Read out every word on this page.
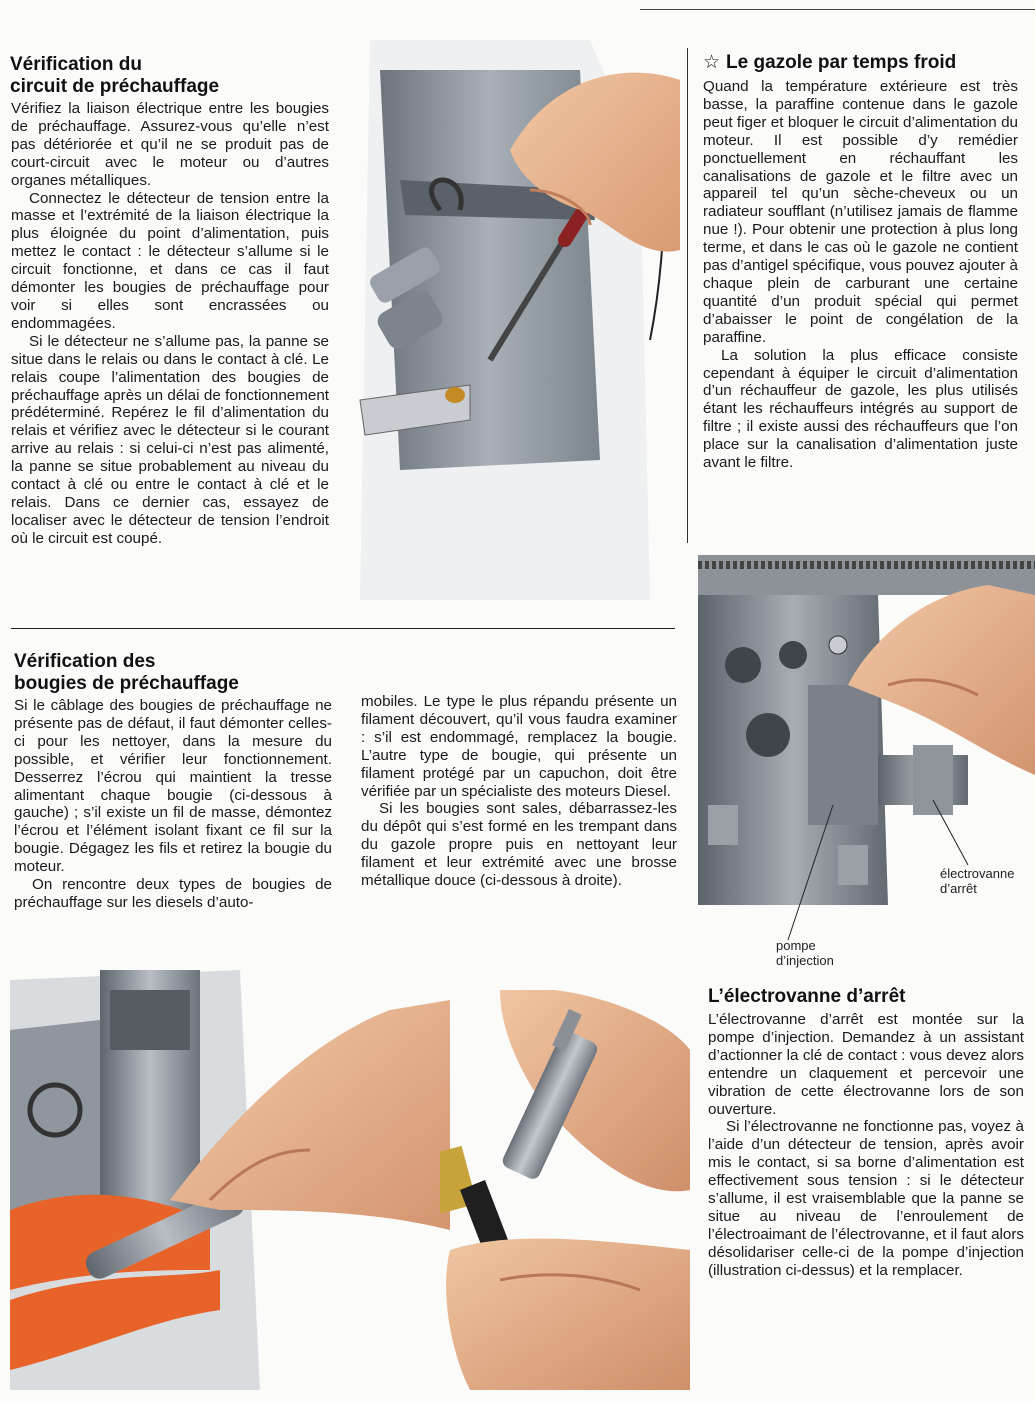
Vérification du
circuit de préchauffage

Vérifiez la liaison électrique entre les bougies de préchauffage. Assurez-vous qu’elle n’est pas détériorée et qu’il ne se produit pas de court-circuit avec le moteur ou d’autres organes métalliques.

Connectez le détecteur de tension entre la masse et l’extrémité de la liaison électrique la plus éloignée du point d’alimentation, puis mettez le contact : le détecteur s’allume si le circuit fonctionne, et dans ce cas il faut démonter les bougies de préchauffage pour voir si elles sont encrassées ou endommagées.

Si le détecteur ne s’allume pas, la panne se situe dans le relais ou dans le contact à clé. Le relais coupe l’alimentation des bougies de préchauffage après un délai de fonctionnement prédéterminé. Repérez le fil d’alimentation du relais et vérifiez avec le détecteur si le courant arrive au relais : si celui-ci n’est pas alimenté, la panne se situe probablement au niveau du contact à clé ou entre le contact à clé et le relais. Dans ce dernier cas, essayez de localiser avec le détecteur de tension l’endroit où le circuit est coupé.

Vérification des
bougies de préchauffage

Si le câblage des bougies de préchauffage ne présente pas de défaut, il faut démonter celles-ci pour les nettoyer, dans la mesure du possible, et vérifier leur fonctionnement. Desserrez l’écrou qui maintient la tresse alimentant chaque bougie (ci-dessous à gauche) ; s’il existe un fil de masse, démontez l’écrou et l’élément isolant fixant ce fil sur la bougie. Dégagez les fils et retirez la bougie du moteur.

On rencontre deux types de bougies de préchauffage sur les diesels d’auto-

mobiles. Le type le plus répandu présente un filament découvert, qu’il vous faudra examiner : s’il est endommagé, remplacez la bougie. L’autre type de bougie, qui présente un filament protégé par un capuchon, doit être vérifiée par un spécialiste des moteurs Diesel.

Si les bougies sont sales, débarrassez-les du dépôt qui s’est formé en les trempant dans du gazole propre puis en nettoyant leur filament et leur extrémité avec une brosse métallique douce (ci-dessous à droite).

☆ Le gazole par temps froid

Quand la température extérieure est très basse, la paraffine contenue dans le gazole peut figer et bloquer le circuit d’alimentation du moteur. Il est possible d’y remédier ponctuellement en réchauffant les canalisations de gazole et le filtre avec un appareil tel qu’un sèche-cheveux ou un radiateur soufflant (n’utilisez jamais de flamme nue !). Pour obtenir une protection à plus long terme, et dans le cas où le gazole ne contient pas d’antigel spécifique, vous pouvez ajouter à chaque plein de carburant une certaine quantité d’un produit spécial qui permet d’abaisser le point de congélation de la paraffine.

La solution la plus efficace consiste cependant à équiper le circuit d’alimentation d’un réchauffeur de gazole, les plus utilisés étant les réchauffeurs intégrés au support de filtre ; il existe aussi des réchauffeurs que l’on place sur la canalisation d’alimentation juste avant le filtre.

électrovanne d’arrêt
pompe d’injection
L’électrovanne d’arrêt

L’électrovanne d’arrêt est montée sur la pompe d’injection. Demandez à un assistant d’actionner la clé de contact : vous devez alors entendre un claquement et percevoir une vibration de cette électrovanne lors de son ouverture.

Si l’électrovanne ne fonctionne pas, voyez à l’aide d’un détecteur de tension, après avoir mis le contact, si sa borne d’alimentation est effectivement sous tension : si le détecteur s’allume, il est vraisemblable que la panne se situe au niveau de l’enroulement de l’électroaimant de l’électrovanne, et il faut alors désolidariser celle-ci de la pompe d’injection (illustration ci-dessus) et la remplacer.
